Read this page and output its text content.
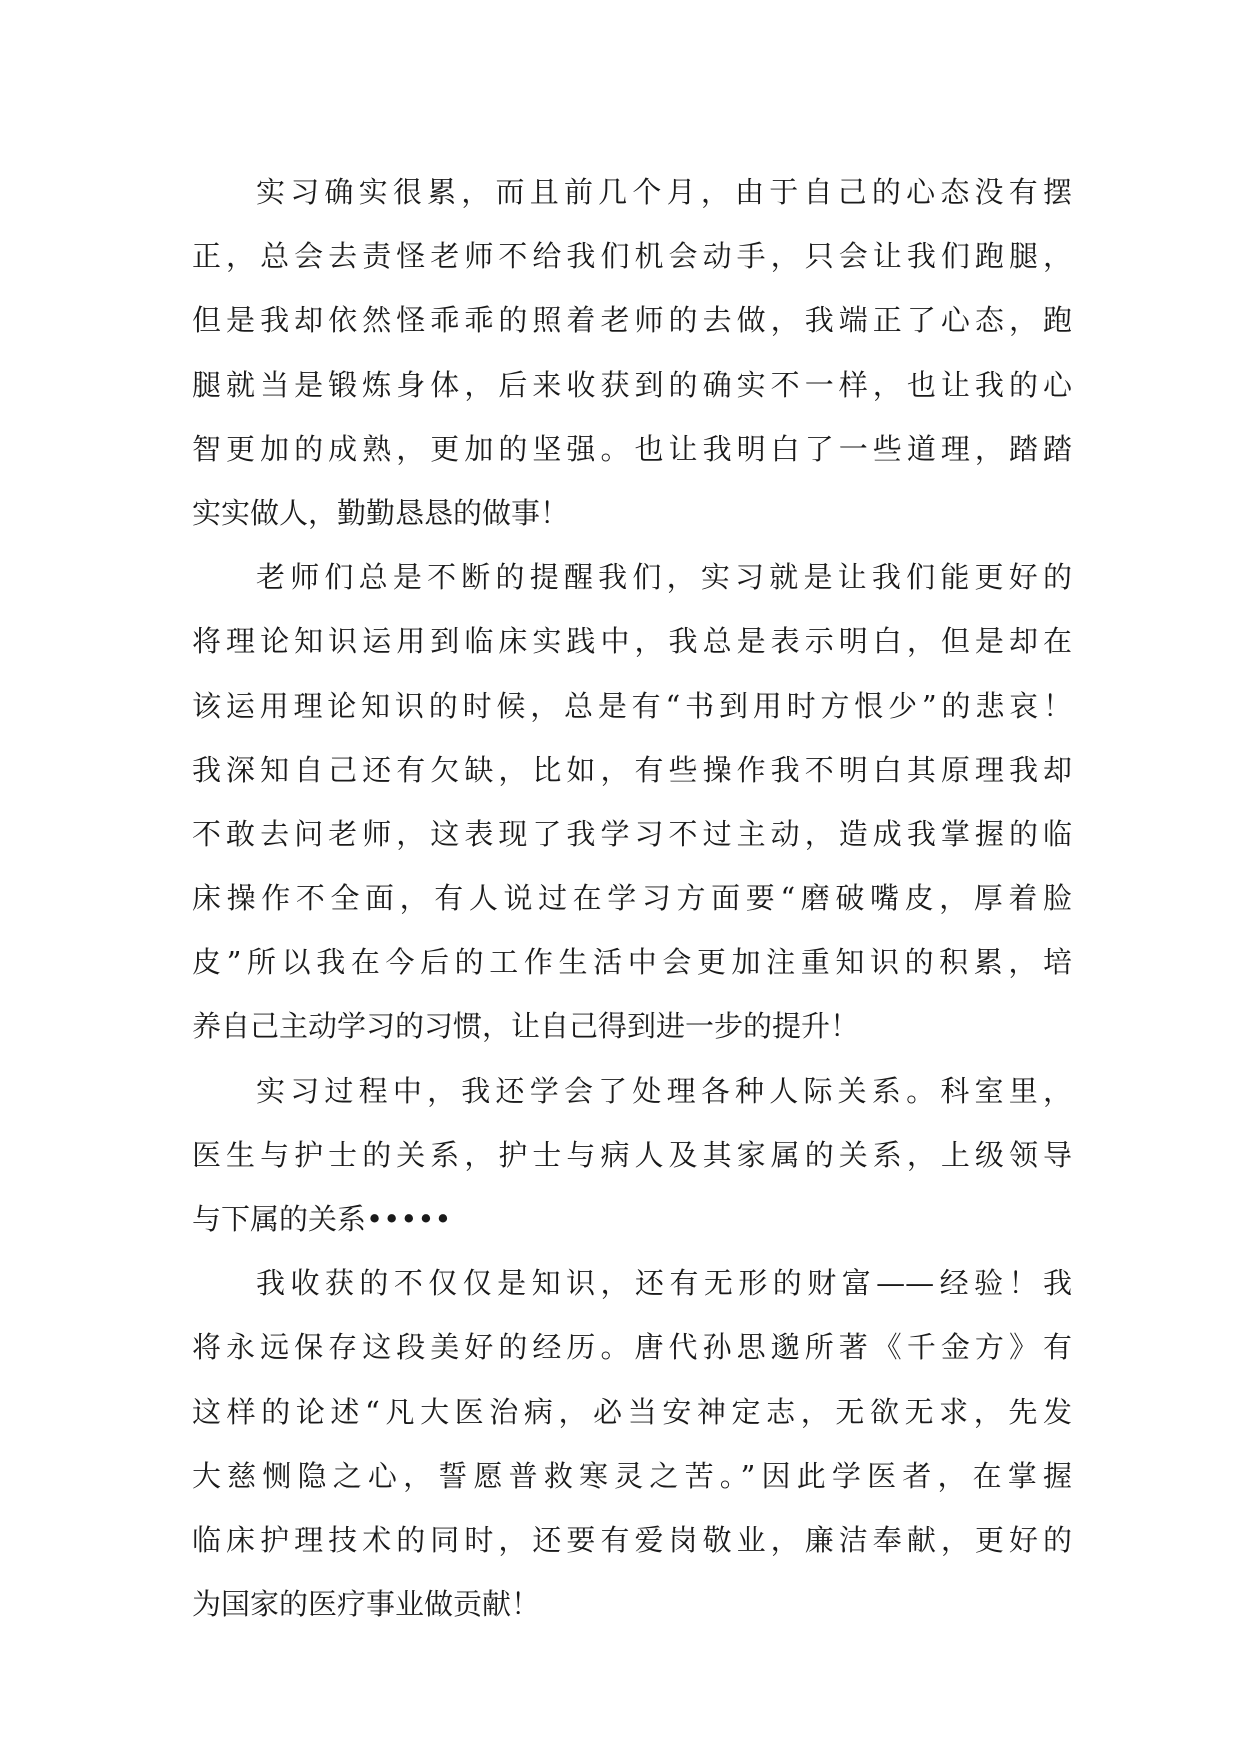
实习确实很累，而且前几个月，由于自己的心态没有摆
正，总会去责怪老师不给我们机会动手，只会让我们跑腿，
但是我却依然怪乖乖的照着老师的去做，我端正了心态，跑
腿就当是锻炼身体，后来收获到的确实不一样，也让我的心
智更加的成熟，更加的坚强。也让我明白了一些道理，踏踏
实实做人，勤勤恳恳的做事！
老师们总是不断的提醒我们，实习就是让我们能更好的
将理论知识运用到临床实践中，我总是表示明白，但是却在
该运用理论知识的时候，总是有“书到用时方恨少”的悲哀！
我深知自己还有欠缺，比如，有些操作我不明白其原理我却
不敢去问老师，这表现了我学习不过主动，造成我掌握的临
床操作不全面，有人说过在学习方面要“磨破嘴皮，厚着脸
皮”所以我在今后的工作生活中会更加注重知识的积累，培
养自己主动学习的习惯，让自己得到进一步的提升！
实习过程中，我还学会了处理各种人际关系。科室里，
医生与护士的关系，护士与病人及其家属的关系，上级领导
与下属的关系•••••
我收获的不仅仅是知识，还有无形的财富——经验！我
将永远保存这段美好的经历。唐代孙思邈所著《千金方》有
这样的论述“凡大医治病，必当安神定志，无欲无求，先发
大慈恻隐之心，誓愿普救寒灵之苦。”因此学医者，在掌握
临床护理技术的同时，还要有爱岗敬业，廉洁奉献，更好的
为国家的医疗事业做贡献！
